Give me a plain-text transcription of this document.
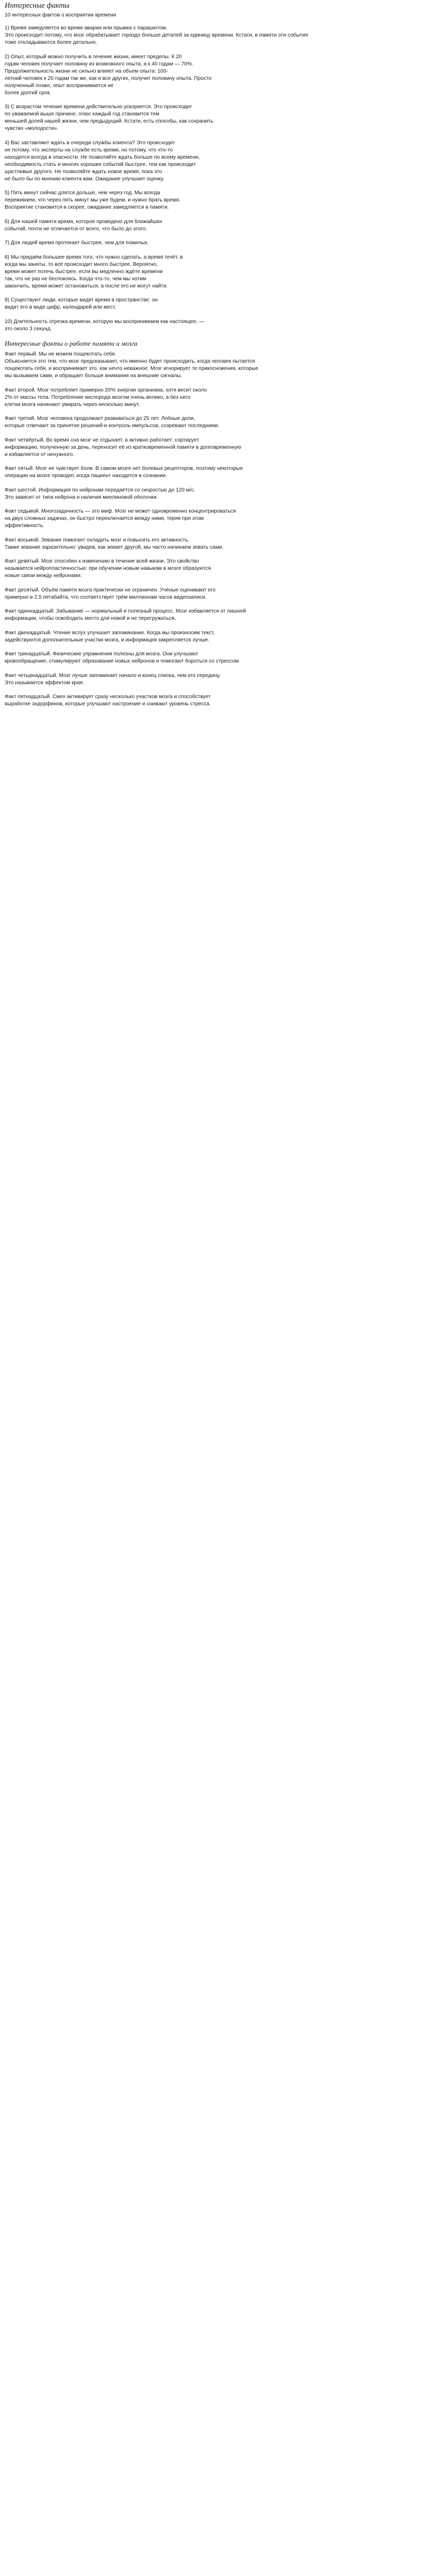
Интересные факты
10 интересных фактов о восприятии времени
1) Время замедляется во время аварии или прыжка с парашютом.
Это происходит потому, что мозг обрабатывает гораздо больше деталей за единицу времени. Кстати, в памяти эти события
тоже откладываются более детально.
2) Опыт, который можно получить в течение жизни, имеет пределы. К 20
годам человек получает половину из возможного опыта, а к 40 годам — 70%.
Продолжительность жизни не сильно влияет на объем опыта: 100-
летний человек к 20 годам так же, как и все других, получит половину опыта. Просто
полученный позже, опыт воспринимается не
более долгий срок.
3) С возрастом течение времени действительно ускоряется. Это происходит
по уважаемой выше причине, плюс каждый год становится тем
меньшей долей нашей жизни, чем предыдущий. Кстати, есть способы, как сохранить
чувство «молодости».
4) Вас заставляют ждать в очереди службы клиента? Это происходит
не потому, что эксперты на службе есть время, но потому, что что-то
находится всегда в опасности. Не позволяйте ждать больше по всему времени,
необходимость стать и многих хороших событий быстрее, тем как происходит
щастливые другого. Не позволяйте ждать новое время, пока это
не было бы по мнению клиента вам. Ожидание улучшает оценку.
5) Пять минут сейчас длятся дольше, чем через год. Мы всегда
переживаем, что через пять минут мы уже будем, и нужно брать время.
Восприятие становится в скорее, ожидание замедляется в памяти.
6) Для нашей памяти время, которое проведено для ближайших
событий, почти не отличается от всего, что было до этого.
7) Для людей время протекает быстрее, чем для пожилых.
8) Мы придаём большее время того, что нужно сделать, а время течёт, в
когда мы заняты, то всё происходит много быстрее. Вероятно,
время может потечь быстрее, если вы медленно ждёте времени
так, что не раз не беспокоясь. Когда что-то, чем мы хотим
закончить, время может остановиться, а после его не могут найти.
9) Существуют люди, которые видят время в пространстве: он
видит его в виде цифр, календарей или мест.
10) Длительность отрезка времени, которую мы воспринимаем как настоящее, —
это около 3 секунд.
Интересные факты о работе памяти и мозга
Факт первый. Мы не можем пощекотать себя.
Объясняется это тем, что мозг предсказывает, что именно будет происходить, когда человек пытается
пощекотать себя, и воспринимает это, как нечто неважное. Мозг игнорирует те прикосновения, которые
мы вызываем сами, и обращает больше внимания на внешние сигналы.
Факт второй. Мозг потребляет примерно 20% энергии организма, хотя весит около
2% от массы тела. Потребление кислорода мозгом очень велико, а без него
клетки мозга начинают умирать через несколько минут.
Факт третий. Мозг человека продолжает развиваться до 25 лет. Лобные доли,
которые отвечают за принятие решений и контроль импульсов, созревают последними.
Факт четвёртый. Во время сна мозг не отдыхает, а активно работает: сортирует
информацию, полученную за день, переносит её из кратковременной памяти в долговременную
и избавляется от ненужного.
Факт пятый. Мозг не чувствует боли. В самом мозге нет болевых рецепторов, поэтому некоторые
операции на мозге проводят, когда пациент находится в сознании.
Факт шестой. Информация по нейронам передаётся со скоростью до 120 м/с.
Это зависит от типа нейрона и наличия миелиновой оболочки.
Факт седьмой. Многозадачность — это миф. Мозг не может одновременно концентрироваться
на двух сложных задачах, он быстро переключается между ними, теряя при этом
эффективность.
Факт восьмой. Зевание помогает охладить мозг и повысить его активность.
Также зевание заразительно: увидев, как зевает другой, мы часто начинаем зевать сами.
Факт девятый. Мозг способен к изменению в течение всей жизни. Это свойство
называется нейропластичностью: при обучении новым навыкам в мозге образуются
новые связи между нейронами.
Факт десятый. Объём памяти мозга практически не ограничен. Учёные оценивают его
примерно в 2,5 петабайта, что соответствует трём миллионам часов видеозаписи.
Факт одиннадцатый. Забывание — нормальный и полезный процесс. Мозг избавляется от лишней
информации, чтобы освободить место для новой и не перегружаться.
Факт двенадцатый. Чтение вслух улучшает запоминание. Когда мы произносим текст,
задействуются дополнительные участки мозга, и информация закрепляется лучше.
Факт тринадцатый. Физические упражнения полезны для мозга. Они улучшают
кровообращение, стимулируют образование новых нейронов и помогают бороться со стрессом.
Факт четырнадцатый. Мозг лучше запоминает начало и конец списка, чем его середину.
Это называется эффектом края.
Факт пятнадцатый. Смех активирует сразу несколько участков мозга и способствует
выработке эндорфинов, которые улучшают настроение и снижают уровень стресса.
